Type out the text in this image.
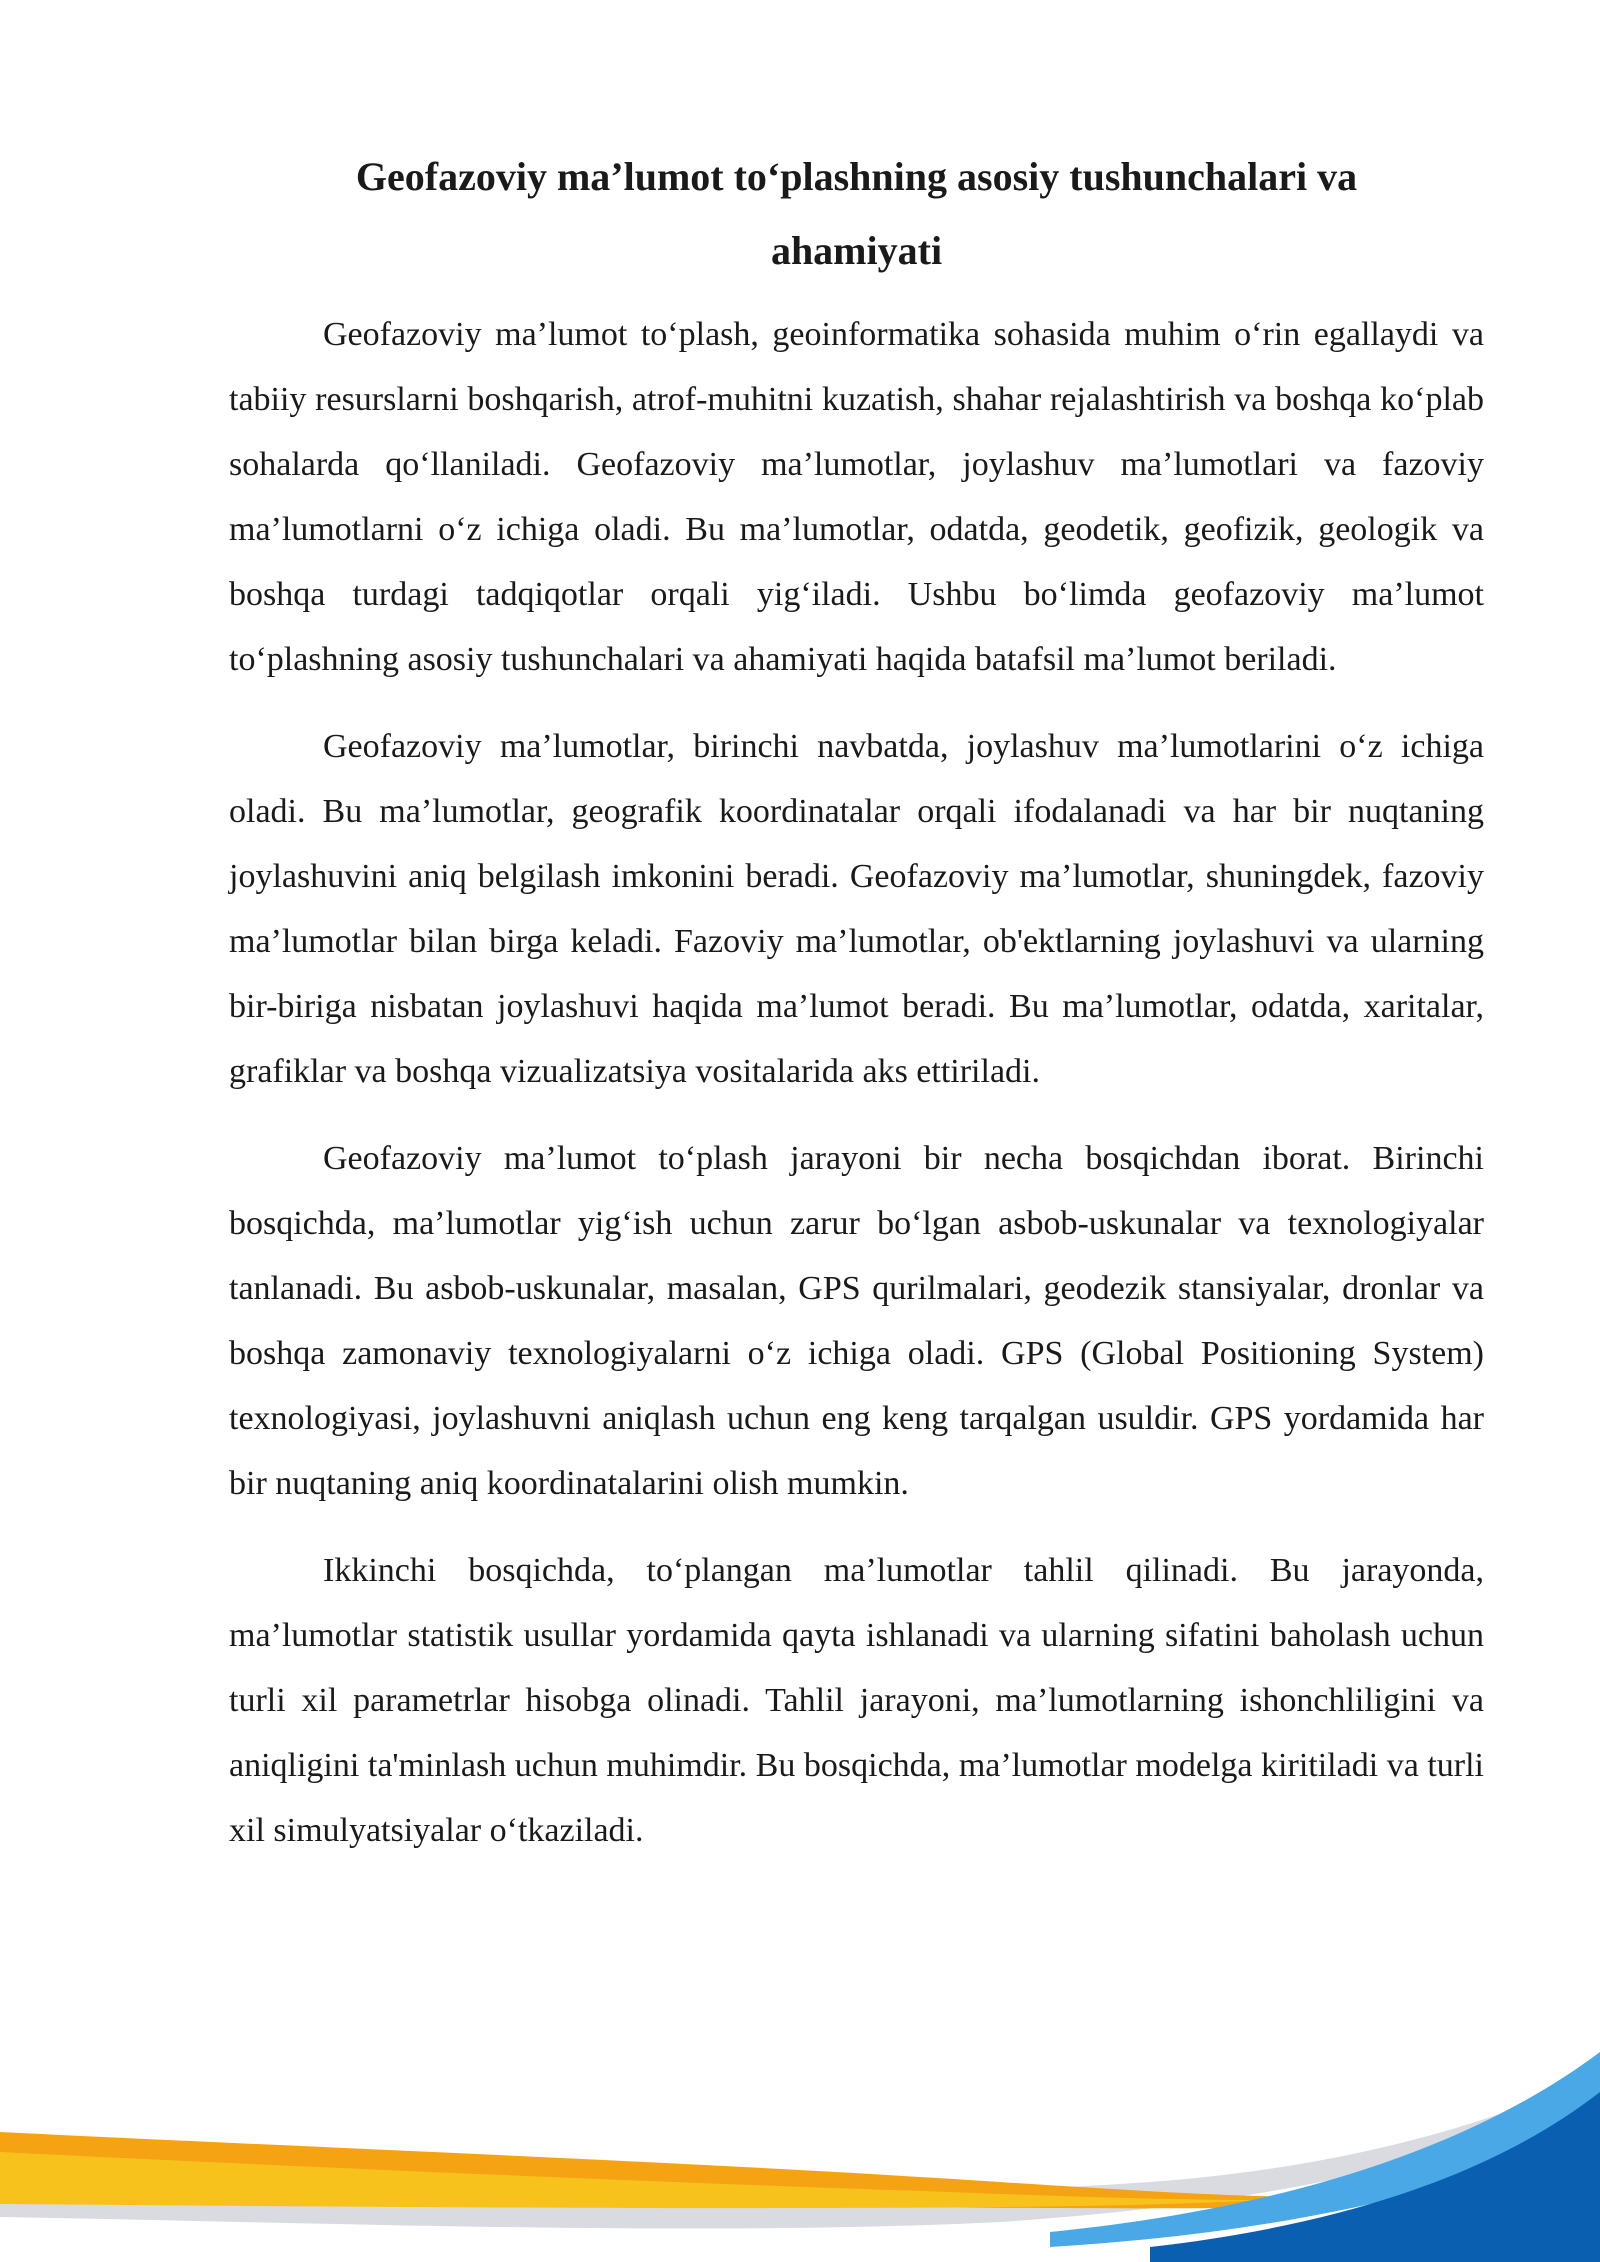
Geofazoviy ma’lumot to‘plashning asosiy tushunchalari va ahamiyati

Geofazoviy ma’lumot to‘plash, geoinformatika sohasida muhim o‘rin egallaydi va tabiiy resurslarni boshqarish, atrof-muhitni kuzatish, shahar rejalashtirish va boshqa ko‘plab sohalarda qo‘llaniladi. Geofazoviy ma’lumotlar, joylashuv ma’lumotlari va fazoviy ma’lumotlarni o‘z ichiga oladi. Bu ma’lumotlar, odatda, geodetik, geofizik, geologik va boshqa turdagi tadqiqotlar orqali yig‘iladi. Ushbu bo‘limda geofazoviy ma’lumot to‘plashning asosiy tushunchalari va ahamiyati haqida batafsil ma’lumot beriladi.

Geofazoviy ma’lumotlar, birinchi navbatda, joylashuv ma’lumotlarini o‘z ichiga oladi. Bu ma’lumotlar, geografik koordinatalar orqali ifodalanadi va har bir nuqtaning joylashuvini aniq belgilash imkonini beradi. Geofazoviy ma’lumotlar, shuningdek, fazoviy ma’lumotlar bilan birga keladi. Fazoviy ma’lumotlar, ob'ektlarning joylashuvi va ularning bir-biriga nisbatan joylashuvi haqida ma’lumot beradi. Bu ma’lumotlar, odatda, xaritalar, grafiklar va boshqa vizualizatsiya vositalarida aks ettiriladi.

Geofazoviy ma’lumot to‘plash jarayoni bir necha bosqichdan iborat. Birinchi bosqichda, ma’lumotlar yig‘ish uchun zarur bo‘lgan asbob-uskunalar va texnologiyalar tanlanadi. Bu asbob-uskunalar, masalan, GPS qurilmalari, geodezik stansiyalar, dronlar va boshqa zamonaviy texnologiyalarni o‘z ichiga oladi. GPS (Global Positioning System) texnologiyasi, joylashuvni aniqlash uchun eng keng tarqalgan usuldir. GPS yordamida har bir nuqtaning aniq koordinatalarini olish mumkin.

Ikkinchi bosqichda, to‘plangan ma’lumotlar tahlil qilinadi. Bu jarayonda, ma’lumotlar statistik usullar yordamida qayta ishlanadi va ularning sifatini baholash uchun turli xil parametrlar hisobga olinadi. Tahlil jarayoni, ma’lumotlarning ishonchliligini va aniqligini ta'minlash uchun muhimdir. Bu bosqichda, ma’lumotlar modelga kiritiladi va turli xil simulyatsiyalar o‘tkaziladi.
